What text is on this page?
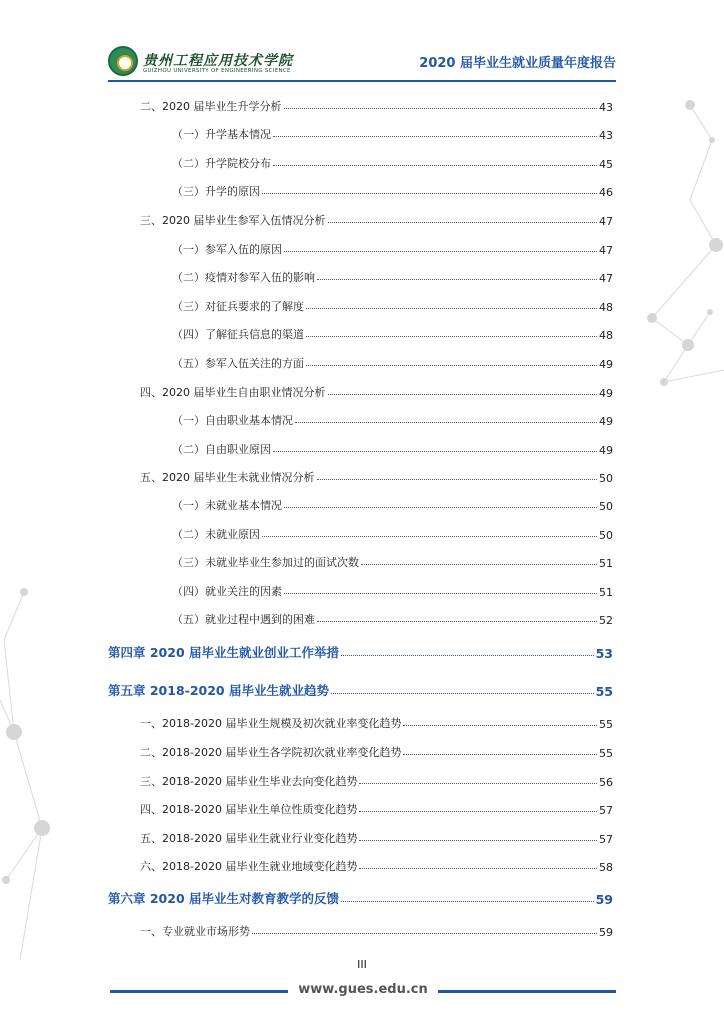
贵州工程应用技术学院
GUIZHOU UNIVERSITY OF ENGINEERING SCIENCE	2020 届毕业生就业质量年度报告
二、2020 届毕业生升学分析	43
（一）升学基本情况	43
（二）升学院校分布	45
（三）升学的原因	46
三、2020 届毕业生参军入伍情况分析	47
（一）参军入伍的原因	47
（二）疫情对参军入伍的影响	47
（三）对征兵要求的了解度	48
（四）了解征兵信息的渠道	48
（五）参军入伍关注的方面	49
四、2020 届毕业生自由职业情况分析	49
（一）自由职业基本情况	49
（二）自由职业原因	49
五、2020 届毕业生未就业情况分析	50
（一）未就业基本情况	50
（二）未就业原因	50
（三）未就业毕业生参加过的面试次数	51
（四）就业关注的因素	51
（五）就业过程中遇到的困难	52
第四章 2020 届毕业生就业创业工作举措	53
第五章 2018-2020 届毕业生就业趋势	55
一、2018-2020 届毕业生规模及初次就业率变化趋势	55
二、2018-2020 届毕业生各学院初次就业率变化趋势	55
三、2018-2020 届毕业生毕业去向变化趋势	56
四、2018-2020 届毕业生单位性质变化趋势	57
五、2018-2020 届毕业生就业行业变化趋势	57
六、2018-2020 届毕业生就业地域变化趋势	58
第六章 2020 届毕业生对教育教学的反馈	59
一、专业就业市场形势	59
III
www.gues.edu.cn
